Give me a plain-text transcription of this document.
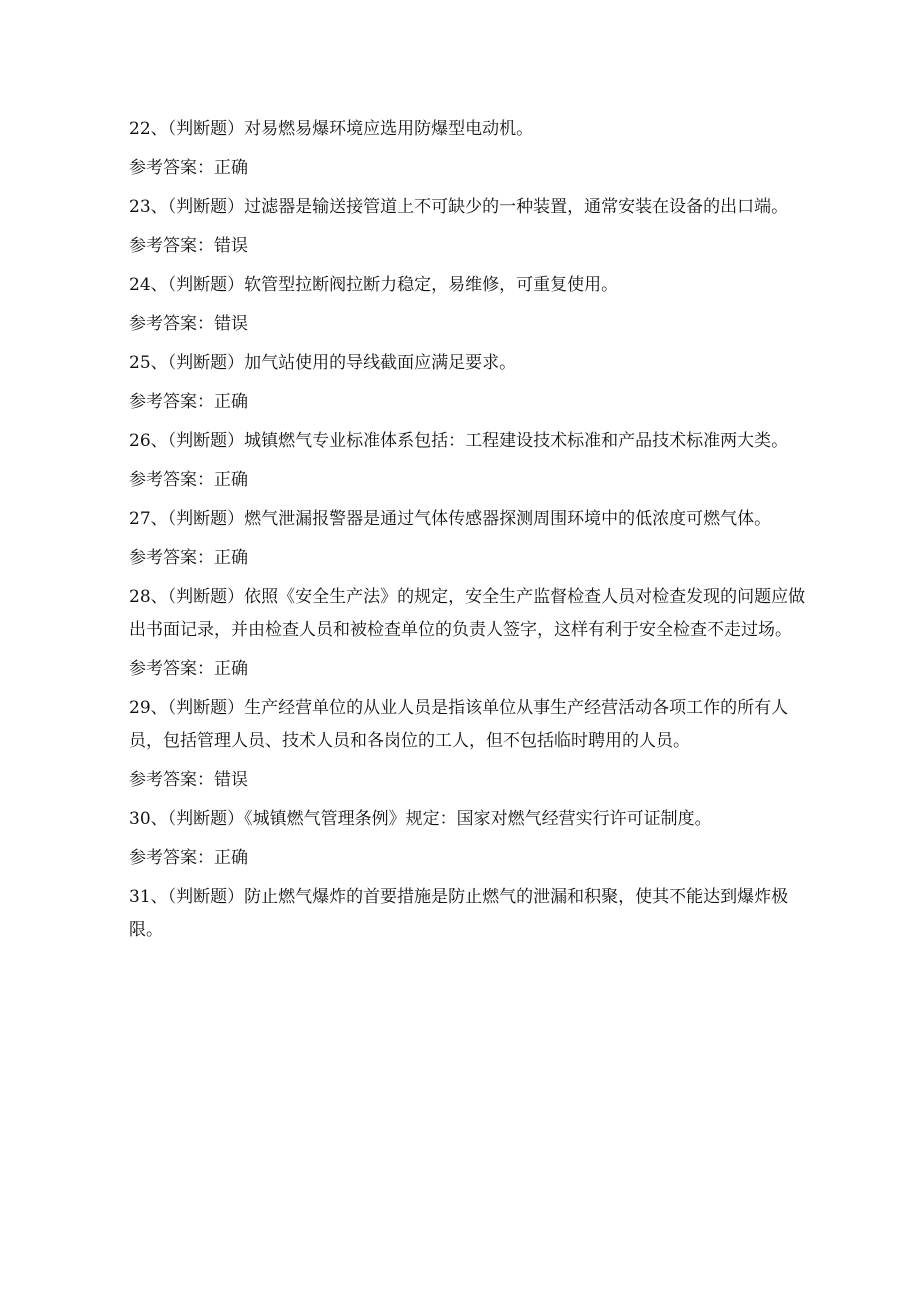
22、（判断题）对易燃易爆环境应选用防爆型电动机。

参考答案：正确

23、（判断题）过滤器是输送接管道上不可缺少的一种装置，通常安装在设备的出口端。

参考答案：错误

24、（判断题）软管型拉断阀拉断力稳定，易维修，可重复使用。

参考答案：错误

25、（判断题）加气站使用的导线截面应满足要求。

参考答案：正确

26、（判断题）城镇燃气专业标准体系包括：工程建设技术标准和产品技术标准两大类。

参考答案：正确

27、（判断题）燃气泄漏报警器是通过气体传感器探测周围环境中的低浓度可燃气体。

参考答案：正确

28、（判断题）依照《安全生产法》的规定，安全生产监督检查人员对检查发现的问题应做出书面记录，并由检查人员和被检查单位的负责人签字，这样有利于安全检查不走过场。

参考答案：正确

29、（判断题）生产经营单位的从业人员是指该单位从事生产经营活动各项工作的所有人员，包括管理人员、技术人员和各岗位的工人，但不包括临时聘用的人员。

参考答案：错误

30、（判断题）《城镇燃气管理条例》规定：国家对燃气经营实行许可证制度。

参考答案：正确

31、（判断题）防止燃气爆炸的首要措施是防止燃气的泄漏和积聚，使其不能达到爆炸极限。
